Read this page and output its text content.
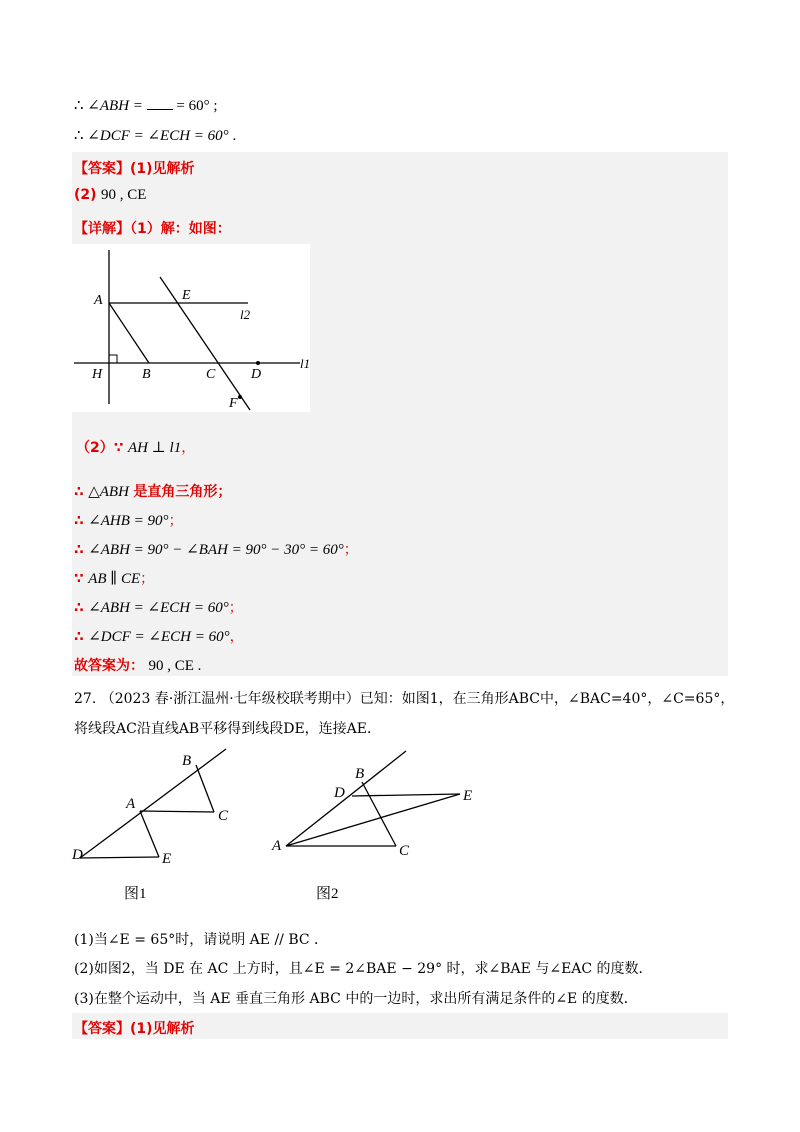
∴ ∠ABH = = 60° ;
∴ ∠DCF = ∠ECH = 60° .
【答案】(1)见解析
(2) 90 , CE
【详解】（1）解：如图：
A	E
H	B	C	D
F
l2
l1
（2）∵ AH ⊥ l1，
∴ △ABH 是直角三角形；
∴ ∠AHB = 90°；
∴ ∠ABH = 90° − ∠BAH = 90° − 30° = 60°；
∵ AB ∥ CE；
∴ ∠ABH = ∠ECH = 60°；
∴ ∠DCF = ∠ECH = 60°，
故答案为： 90 , CE .
27. （2023 春·浙江温州·七年级校联考期中）已知：如图1，在三角形ABC中，∠BAC=40°，∠C=65°，
将线段AC沿直线AB平移得到线段DE，连接AE．
B
A
C
D	E
B
D	E
A	C
图1	图2
(1)当∠E = 65°时，请说明 AE // BC ．
(2)如图2，当 DE 在 AC 上方时，且∠E = 2∠BAE − 29° 时，求∠BAE 与∠EAC 的度数．
(3)在整个运动中，当 AE 垂直三角形 ABC 中的一边时，求出所有满足条件的∠E 的度数．
【答案】(1)见解析
